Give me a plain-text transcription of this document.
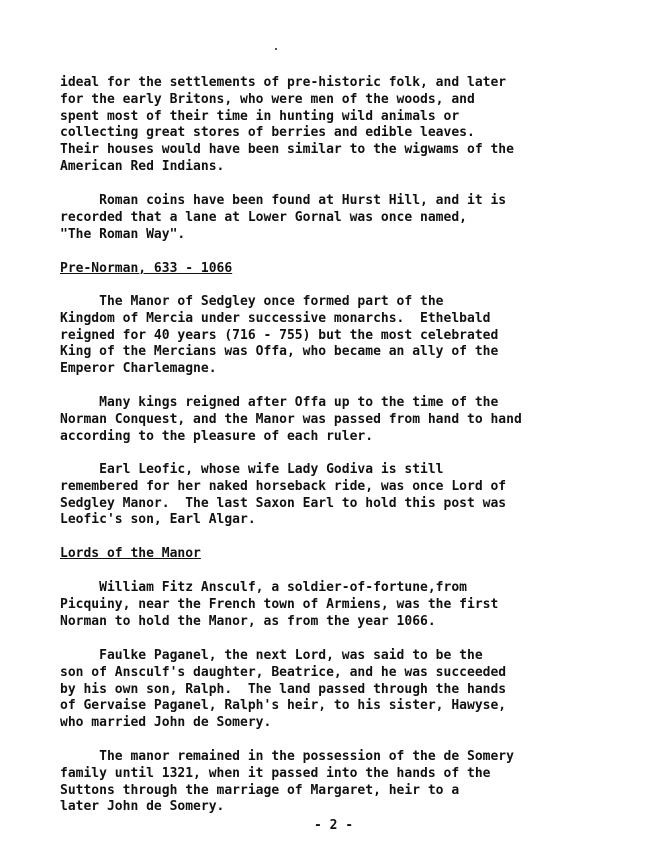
ideal for the settlements of pre-historic folk, and later
for the early Britons, who were men of the woods, and
spent most of their time in hunting wild animals or
collecting great stores of berries and edible leaves.
Their houses would have been similar to the wigwams of the
American Red Indians.
Roman coins have been found at Hurst Hill, and it is
recorded that a lane at Lower Gornal was once named,
"The Roman Way".
Pre-Norman, 633 - 1066
The Manor of Sedgley once formed part of the
Kingdom of Mercia under successive monarchs.  Ethelbald
reigned for 40 years (716 - 755) but the most celebrated
King of the Mercians was Offa, who became an ally of the
Emperor Charlemagne.
Many kings reigned after Offa up to the time of the
Norman Conquest, and the Manor was passed from hand to hand
according to the pleasure of each ruler.
Earl Leofic, whose wife Lady Godiva is still
remembered for her naked horseback ride, was once Lord of
Sedgley Manor.  The last Saxon Earl to hold this post was
Leofic's son, Earl Algar.
Lords of the Manor
William Fitz Ansculf, a soldier-of-fortune,from
Picquiny, near the French town of Armiens, was the first
Norman to hold the Manor, as from the year 1066.
Faulke Paganel, the next Lord, was said to be the
son of Ansculf's daughter, Beatrice, and he was succeeded
by his own son, Ralph.  The land passed through the hands
of Gervaise Paganel, Ralph's heir, to his sister, Hawyse,
who married John de Somery.
The manor remained in the possession of the de Somery
family until 1321, when it passed into the hands of the
Suttons through the marriage of Margaret, heir to a
later John de Somery.
- 2 -
